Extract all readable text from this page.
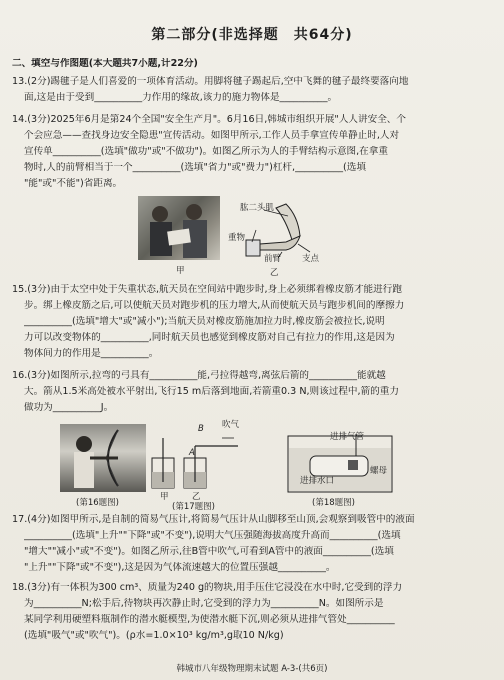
第二部分(非选择题　共64分)
二、填空与作图题(本大题共7小题,计22分)
13.(2分)踢毽子是人们喜爱的一项体育活动。用脚将毽子踢起后,空中飞舞的毽子最终要落向地
面,这是由于受到__________力作用的缘故,该力的施力物体是__________。
14.(3分)2025年6月是第24个全国"安全生产月"。6月16日,韩城市组织开展"人人讲安全、个
个会应急——查找身边安全隐患"宣传活动。如图甲所示,工作人员手拿宣传单静止时,人对
宣传单__________(选填"做功"或"不做功")。如图乙所示为人的手臂结构示意图,在拿重
物时,人的前臂相当于一个__________(选填"省力"或"费力")杠杆,__________(选填
"能"或"不能")省距离。
甲
肱二头肌
重物
前臂 支点
乙
15.(3分)由于太空中处于失重状态,航天员在空间站中跑步时,身上必须绑着橡皮筋才能进行跑
步。绑上橡皮筋之后,可以使航天员对跑步机的压力增大,从而使航天员与跑步机间的摩擦力
__________(选填"增大"或"减小");当航天员对橡皮筋施加拉力时,橡皮筋会被拉长,说明
力可以改变物体的__________,同时航天员也感觉到橡皮筋对自己有拉力的作用,这是因为
物体间力的作用是__________。
16.(3分)如图所示,拉弯的弓具有__________能,弓拉得越弯,离弦后箭的__________能就越
大。箭从1.5米高处被水平射出,飞行15 m后落到地面,若箭重0.3 N,则该过程中,箭的重力
做功为__________J。
(第16题图)
B 吹气
A
甲	乙
(第17题图)
进排气管
进排水口
螺母
(第18题图)
17.(4分)如图甲所示,是自制的简易气压计,将简易气压计从山脚移至山顶,会观察到吸管中的液面
__________(选填"上升""下降"或"不变"),说明大气压强随海拔高度升高而__________(选填
"增大""减小"或"不变")。如图乙所示,往B管中吹气,可看到A管中的液面__________(选填
"上升""下降"或"不变"),这是因为气体流速越大的位置压强越__________。
18.(3分)有一体积为300 cm³、质量为240 g的物块,用手压住它浸没在水中时,它受到的浮力
为__________N;松手后,待物块再次静止时,它受到的浮力为__________N。如图所示是
某同学利用硬塑料瓶制作的潜水艇模型,为使潜水艇下沉,则必须从进排气管处__________
(选填"吸气"或"吹气")。(ρ水=1.0×10³ kg/m³,g取10 N/kg)
韩城市八年级物理期末试题 A-3-(共6页)
